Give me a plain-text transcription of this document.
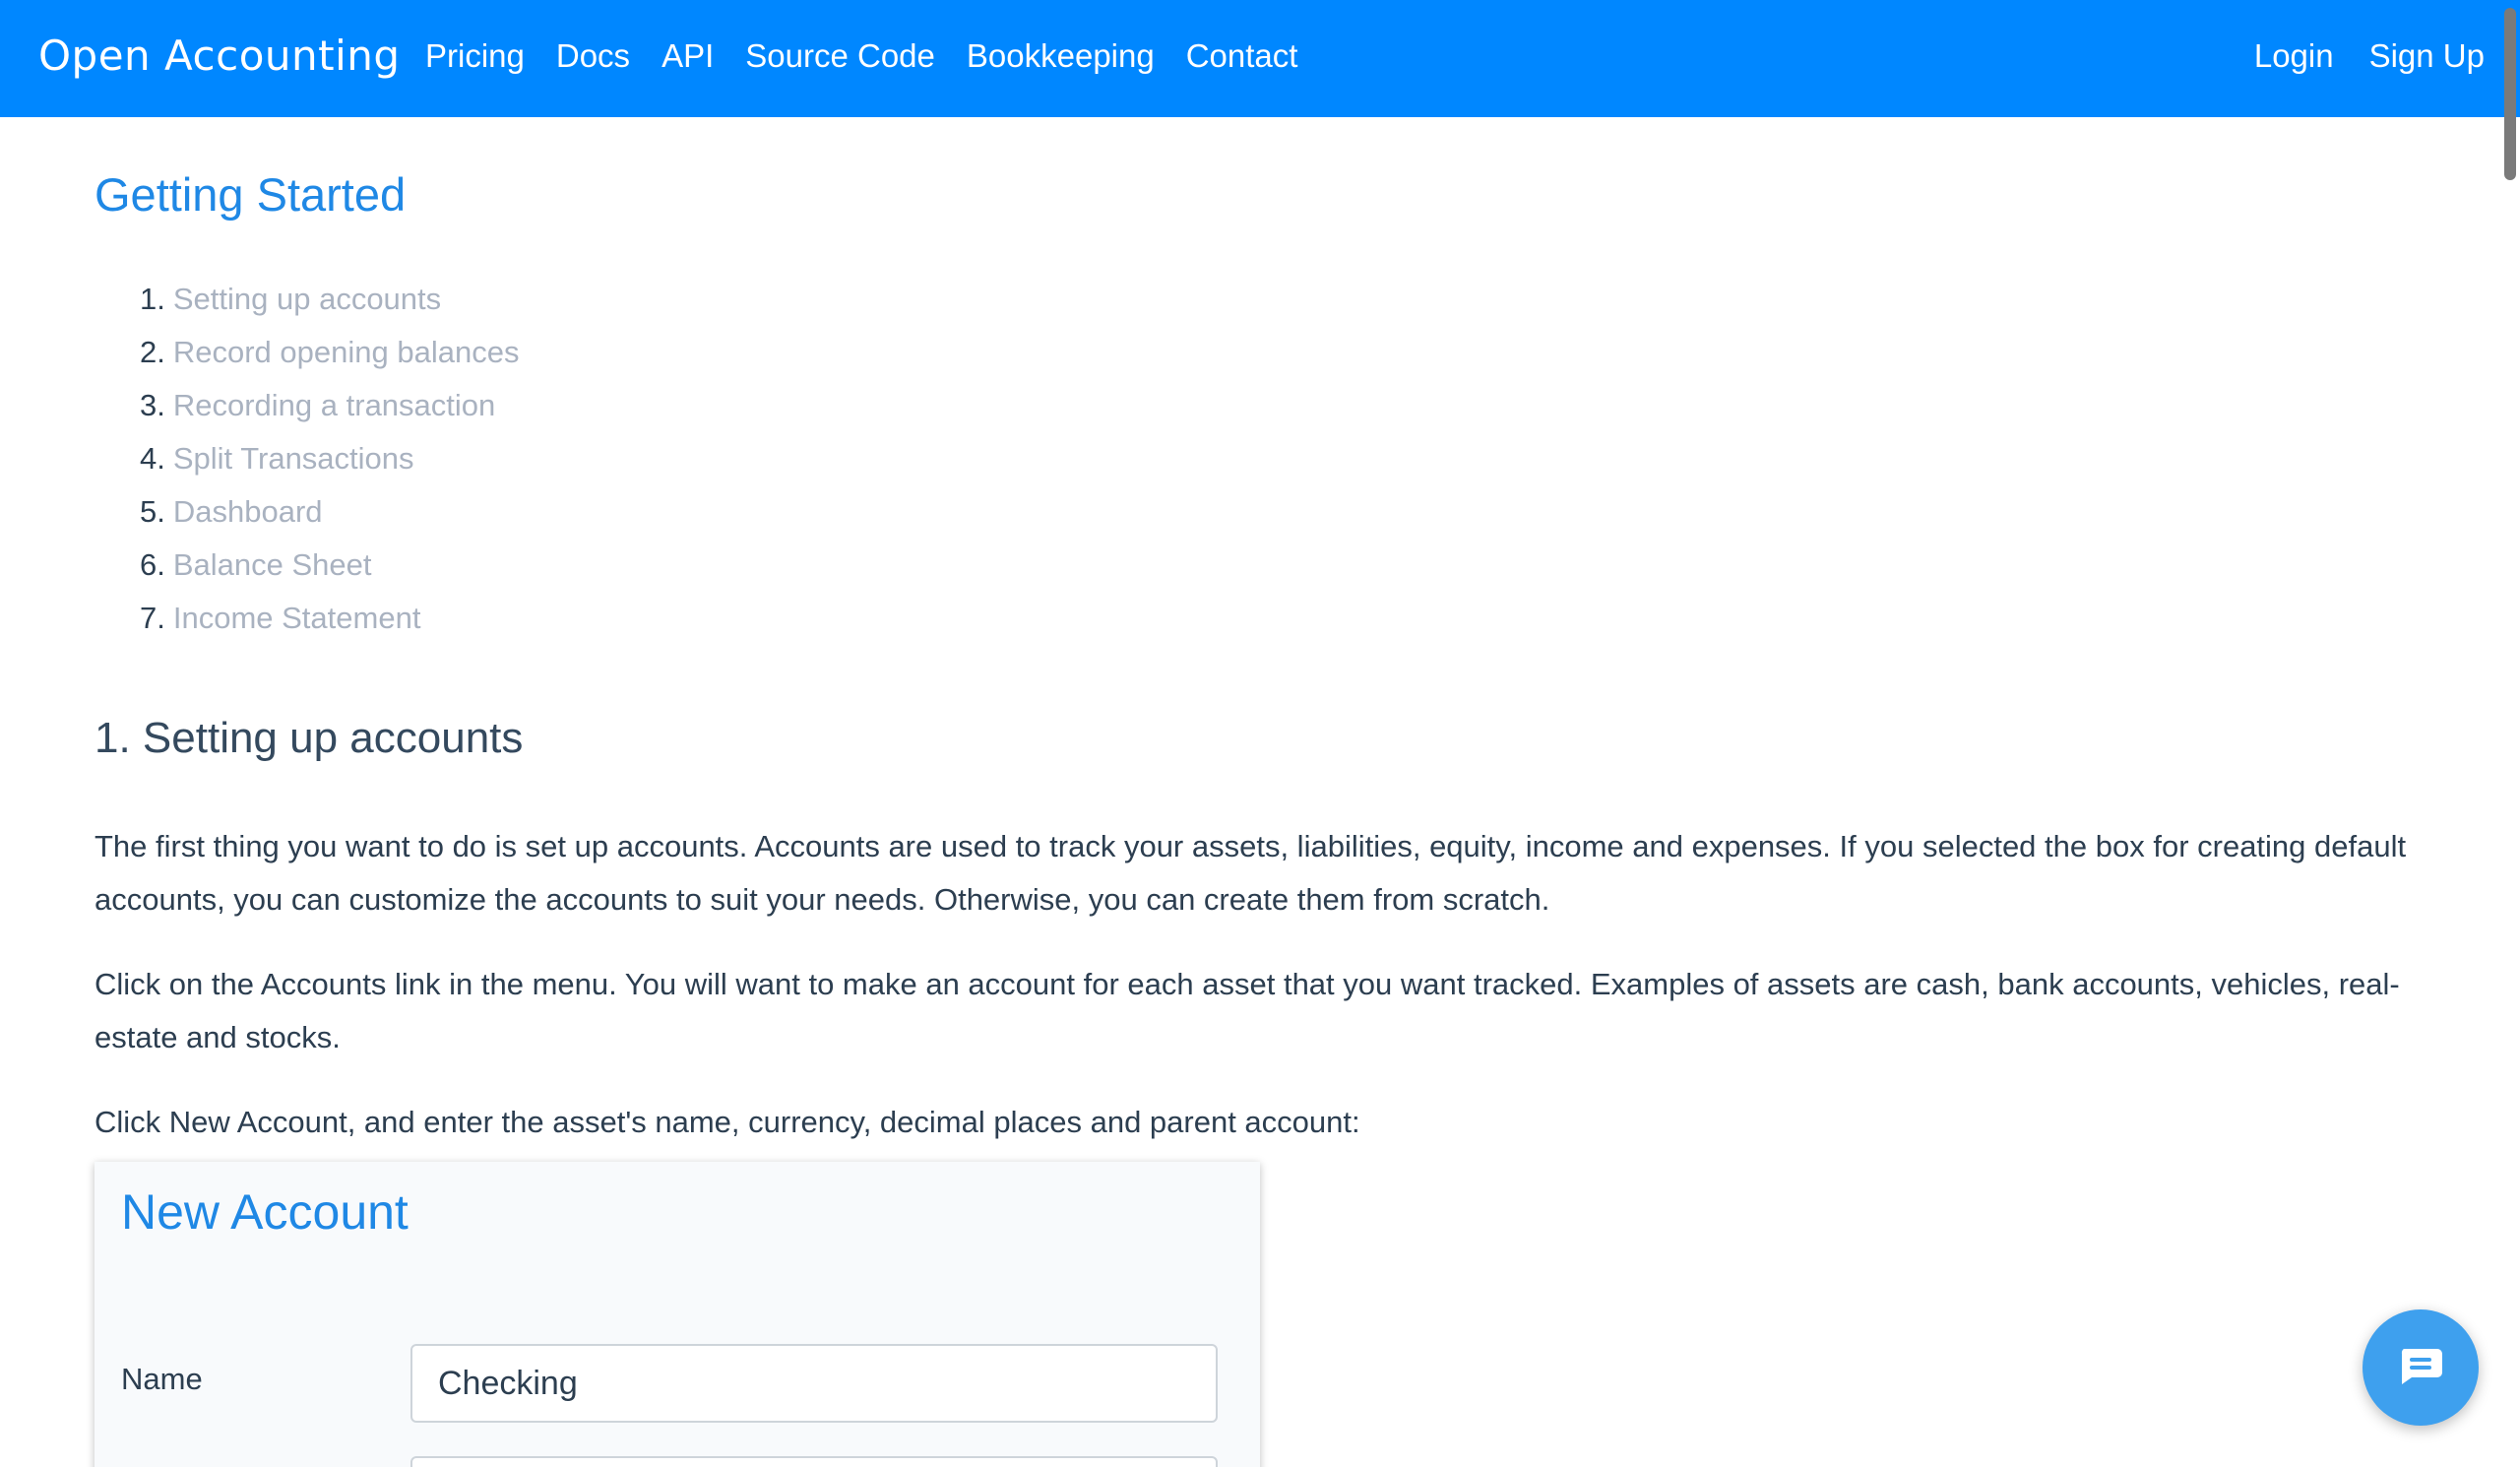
Open Accounting Pricing Docs API Source Code Bookkeeping Contact	Login Sign Up
Getting Started
1. Setting up accounts
2. Record opening balances
3. Recording a transaction
4. Split Transactions
5. Dashboard
6. Balance Sheet
7. Income Statement
1. Setting up accounts

The first thing you want to do is set up accounts. Accounts are used to track your assets, liabilities, equity, income and expenses. If you selected the box for creating default accounts, you can customize the accounts to suit your needs. Otherwise, you can create them from scratch.

Click on the Accounts link in the menu. You will want to make an account for each asset that you want tracked. Examples of assets are cash, bank accounts, vehicles, real-estate and stocks.

Click New Account, and enter the asset's name, currency, decimal places and parent account:

New Account
Name
Checking
